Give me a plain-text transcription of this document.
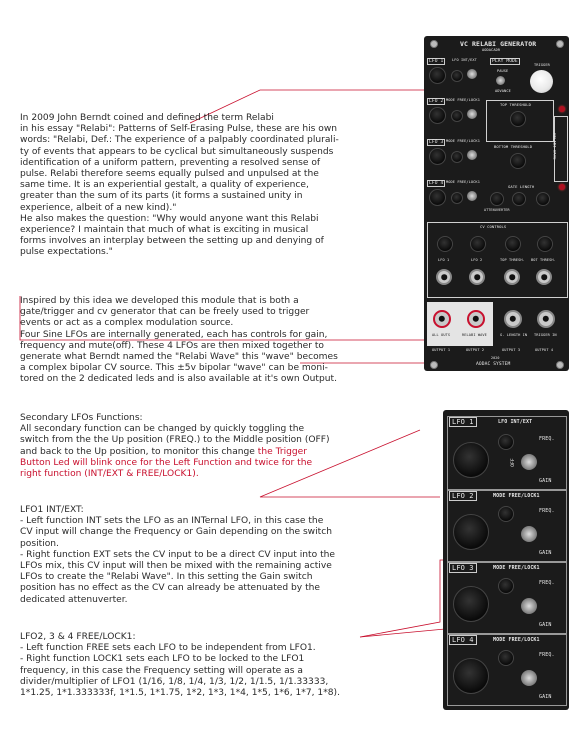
In 2009 John Berndt coined and defined the term Relabi

in his essay "Relabi": Patterns of Self-Erasing Pulse, these are his own

words: "Relabi, Def.: The experience of a palpably coordinated plurali-

ty of events that appears to be cyclical but simultaneously suspends

identification of a uniform pattern, preventing a resolved sense of

pulse. Relabi therefore seems equally pulsed and unpulsed at the

same time. It is an experiential gestalt, a quality of experience,

greater than the sum of its parts (it forms a sustained unity in

experience, albeit of a new kind)."

He also makes the question: "Why would anyone want this Relabi

experience? I maintain that much of what is exciting in musical

forms involves an interplay between the setting up and denying of

pulse expectations."

Inspired by this idea we developed this module that is both a

gate/trigger and cv generator that can be freely used to trigger

events or act as a complex modulation source.

Four Sine LFOs are internally generated, each has controls for gain,

frequency and mute(off). These 4 LFOs are then mixed together to

generate what Berndt named the "Relabi Wave" this "wave" becomes

a complex bipolar CV source. This ±5v bipolar "wave" can be moni-

tored on the 2 dedicated leds and is also available at it's own Output.

Secondary LFOs Functions:

All secondary function can be changed by quickly toggling the

switch from the the Up position (FREQ.) to the Middle position (OFF)

and back to the Up position, to monitor this change the Trigger

Button Led will blink once for the Left Function and twice for the

right function (INT/EXT & FREE/LOCK1).

LFO1 INT/EXT:

- Left function INT sets the LFO as an INTernal LFO, in this case the

CV input will change the Frequency or Gain depending on the switch

position.

- Right function EXT sets the CV input to be a direct CV input into the

LFOs mix, this CV input will then be mixed with the remaining active

LFOs to create the "Relabi Wave". In this setting the Gain switch

position has no effect as the CV can already be attenuated by the

dedicated attenuverter.

LFO2, 3 & 4 FREE/LOCK1:

- Left function FREE sets each LFO to be independent from LFO1.

- Right function LOCK1 sets each LFO to be locked to the LFO1

frequency, in this case the Frequency setting will operate as a

divider/multiplier of LFO1 (1/16, 1/8, 1/4, 1/3, 1/2, 1/1.5, 1/1.33333,

1*1.25, 1*1.333333f, 1*1.5, 1*1.75, 1*2, 1*3, 1*4, 1*5, 1*6, 1*7, 1*8).

VC RELABI GENERATOR
AODACADR
LFO 1	LFO INT/EXT
LFO 2 MODE FREE/LOCK1
LFO 3 MODE FREE/LOCK1
LFO 4 MODE FREE/LOCK1
PLAY MODE
TRIGGER
PAUSE
ADVANCE
TOP THRESHOLD
BOTTOM THRESHOLD	RELABI WAVE
GATE LENGTH
ATTENUVERTER
CV CONTROLS
LFO 1	LFO 2	TOP THRESH. BOT THRESH.
ALL OUTS	RELABI WAVE	G. LENGTH IN TRIGGER IN
OUTPUT 1	OUTPUT 2	OUTPUT 3	OUTPUT 4
2020
AODAC SYSTEM
LFO 1	LFO INT/EXT
FREQ.
OFF
GAIN
LFO 2	MODE FREE/LOCK1
FREQ.
GAIN
LFO 3	MODE FREE/LOCK1
FREQ.
GAIN
LFO 4	MODE FREE/LOCK1
FREQ.
GAIN
